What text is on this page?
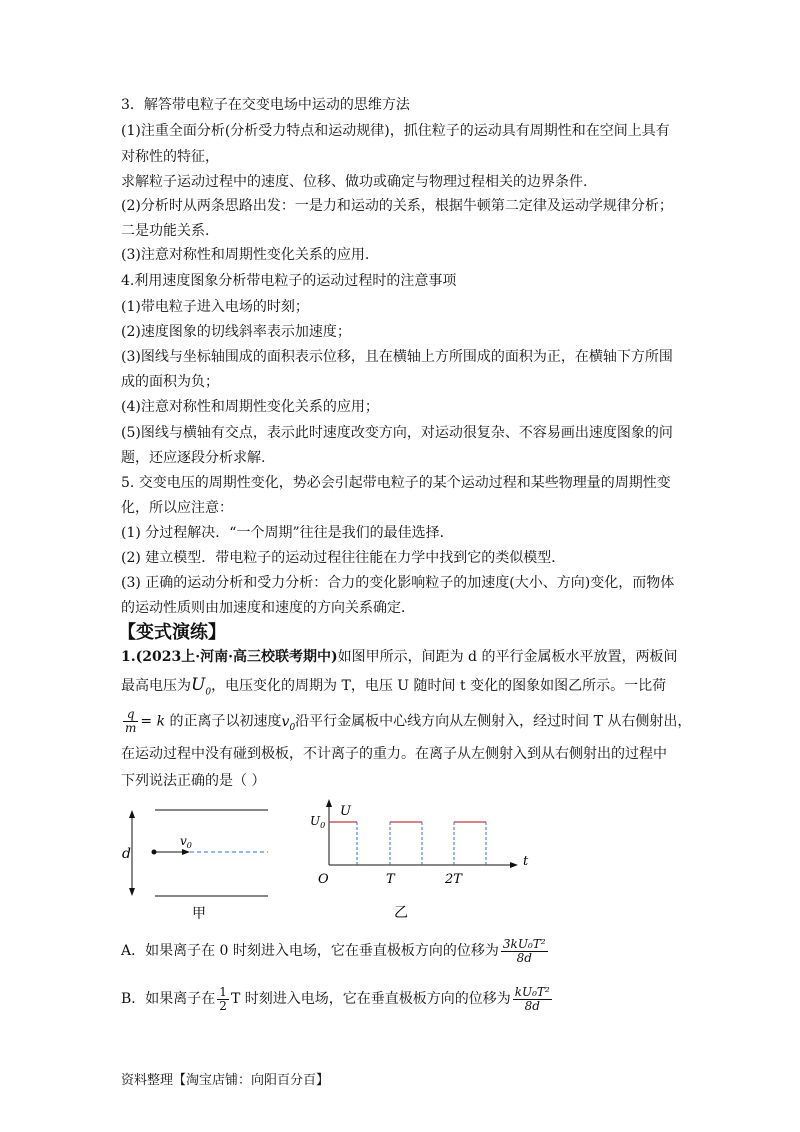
3．解答带电粒子在交变电场中运动的思维方法
(1)注重全面分析(分析受力特点和运动规律)，抓住粒子的运动具有周期性和在空间上具有
对称性的特征，
求解粒子运动过程中的速度、位移、做功或确定与物理过程相关的边界条件.
(2)分析时从两条思路出发：一是力和运动的关系，根据牛顿第二定律及运动学规律分析；
二是功能关系.
(3)注意对称性和周期性变化关系的应用.
4.利用速度图象分析带电粒子的运动过程时的注意事项
(1)带电粒子进入电场的时刻；
(2)速度图象的切线斜率表示加速度；
(3)图线与坐标轴围成的面积表示位移，且在横轴上方所围成的面积为正，在横轴下方所围
成的面积为负；
(4)注意对称性和周期性变化关系的应用；
(5)图线与横轴有交点，表示此时速度改变方向，对运动很复杂、不容易画出速度图象的问
题，还应逐段分析求解.
5. 交变电压的周期性变化，势必会引起带电粒子的某个运动过程和某些物理量的周期性变
化，所以应注意：
(1) 分过程解决．“一个周期”往往是我们的最佳选择．
(2) 建立模型．带电粒子的运动过程往往能在力学中找到它的类似模型．
(3) 正确的运动分析和受力分析：合力的变化影响粒子的加速度(大小、方向)变化，而物体
的运动性质则由加速度和速度的方向关系确定．
【变式演练】
1.(2023上·河南·高三校联考期中)如图甲所示，间距为 d 的平行金属板水平放置，两板间
最高电压为$U_0$，电压变化的周期为 T，电压 U 随时间 t 变化的图象如图乙所示。一比荷
$\frac{q}{m} = k$ 的正离子以初速度$v_0$沿平行金属板中心线方向从左侧射入，经过时间 T 从右侧射出，
在运动过程中没有碰到极板，不计离子的重力。在离子从左侧射入到从右侧射出的过程中
下列说法正确的是（ ）
d
$v_0$
甲
U
t
O
$U_0$
T	2T
乙
A．如果离子在 0 时刻进入电场，它在垂直极板方向的位移为 $\frac{\text{3kU₀T²}}{8d}$
B．如果离子在 $\frac{1}{2}$ T 时刻进入电场，它在垂直极板方向的位移为 $\frac{\text{kU₀T²}}{8d}$
资料整理【淘宝店铺：向阳百分百】
